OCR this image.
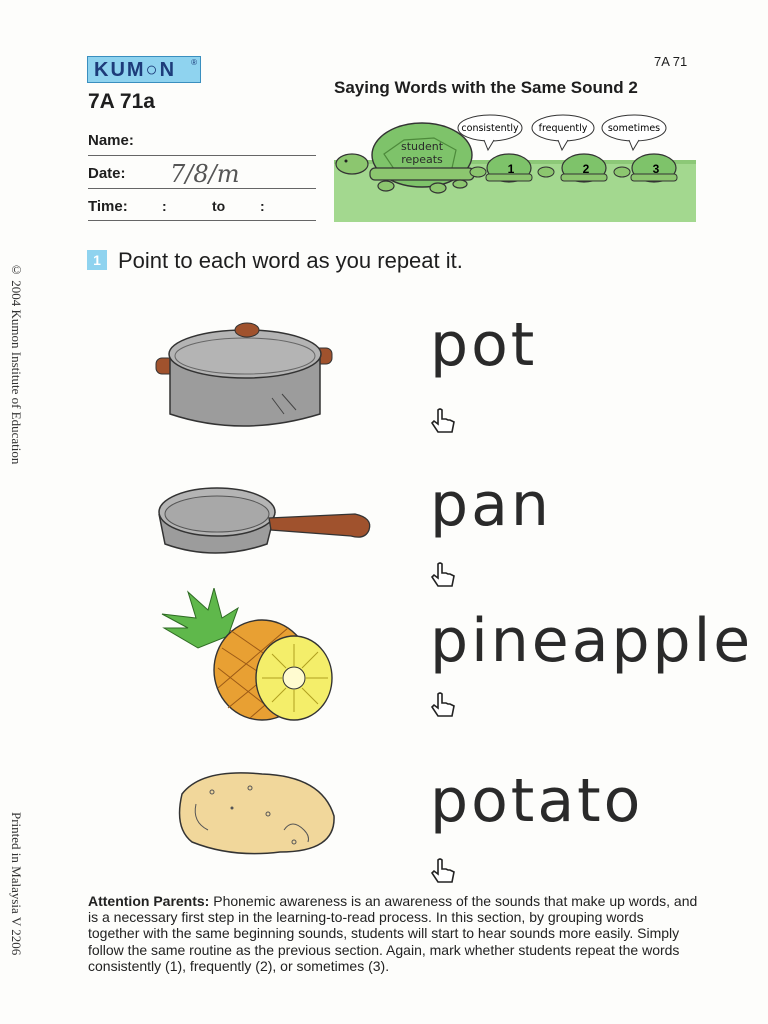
KUM○N ®
7A 71a
7A 71
Saying Words with the Same Sound 2
Name:
Date: 7/8/m
Time: :	to :
student
repeats
1	2	3
consistently frequently sometimes
1 Point to each word as you repeat it.
pot
pan
pineapple
potato
© 2004 Kumon Institute of Education
Printed in Malaysia V 2206	Attention Parents: Phonemic awareness is an awareness of the sounds that make up words, and is a necessary first step in the learning-to-read process. In this section, by grouping words together with the same beginning sounds, students will start to hear sounds more easily. Simply follow the same routine as the previous section. Again, mark whether students repeat the words consistently (1), frequently (2), or sometimes (3).
